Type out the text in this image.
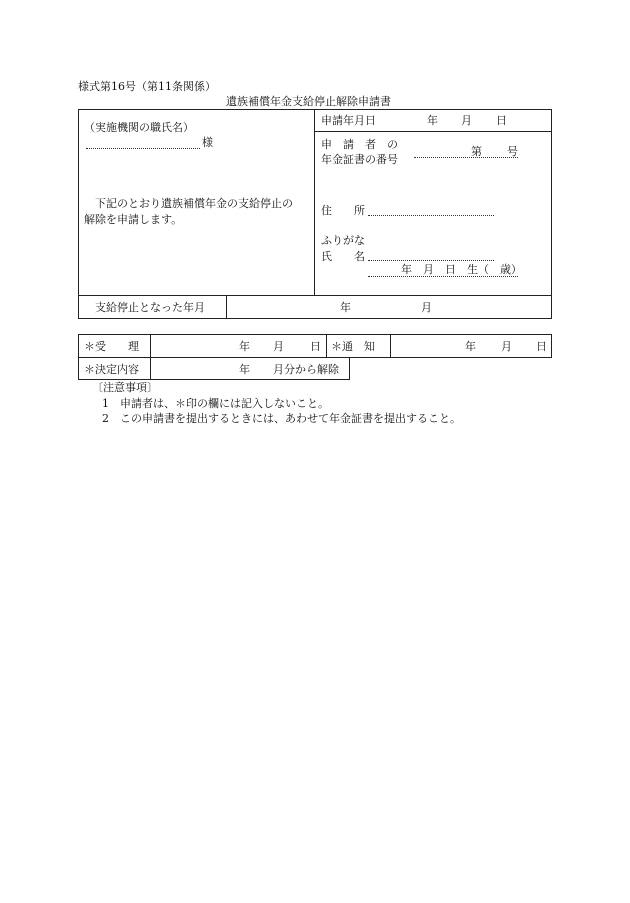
様式第16号（第11条関係）
遺族補償年金支給停止解除申請書
（実施機関の職氏名）
様
下記のとおり遺族補償年金の支給停止の
解除を申請します。
申請年月日	年 月 日
申　請　者　の
年金証書の番号
第 号
住　　所
ふりがな
氏　　名
年　月　日　生（　歳）
支給停止となった年月	年	月
＊受　　理	年 月 日 ＊通　知	年 月 日
＊決定内容	年 月分から解除
〔注意事項〕
1　申請者は、＊印の欄には記入しないこと。
2　この申請書を提出するときには、あわせて年金証書を提出すること。
